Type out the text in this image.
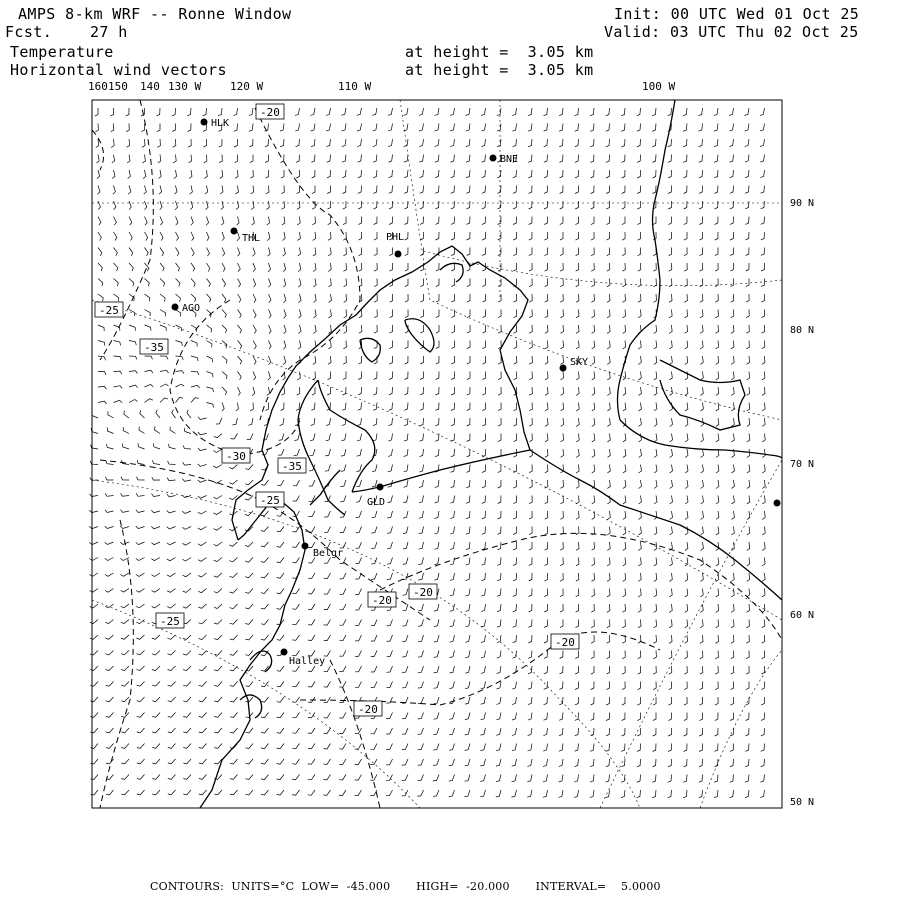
AMPS 8-km WRF -- Ronne Window
Fcst.	27 h
Init: 00 UTC Wed 01 Oct 25
Valid: 03 UTC Thu 02 Oct 25
Temperature
Horizontal wind vectors
at height =  3.05 km
at height =  3.05 km
160 150 140 130 W	120 W	110 W	100 W
90 N
80 N
70 N
60 N
50 N
HLK
BNE
THL	PHL
AGO
SKY
GLD
Belgr
Halley
-20
-25
-35
-30
-35
-25
-20
-20
-20
-20
-25
CONTOURS:  UNITS=°C  LOW=  -45.000       HIGH=  -20.000       INTERVAL=    5.0000
